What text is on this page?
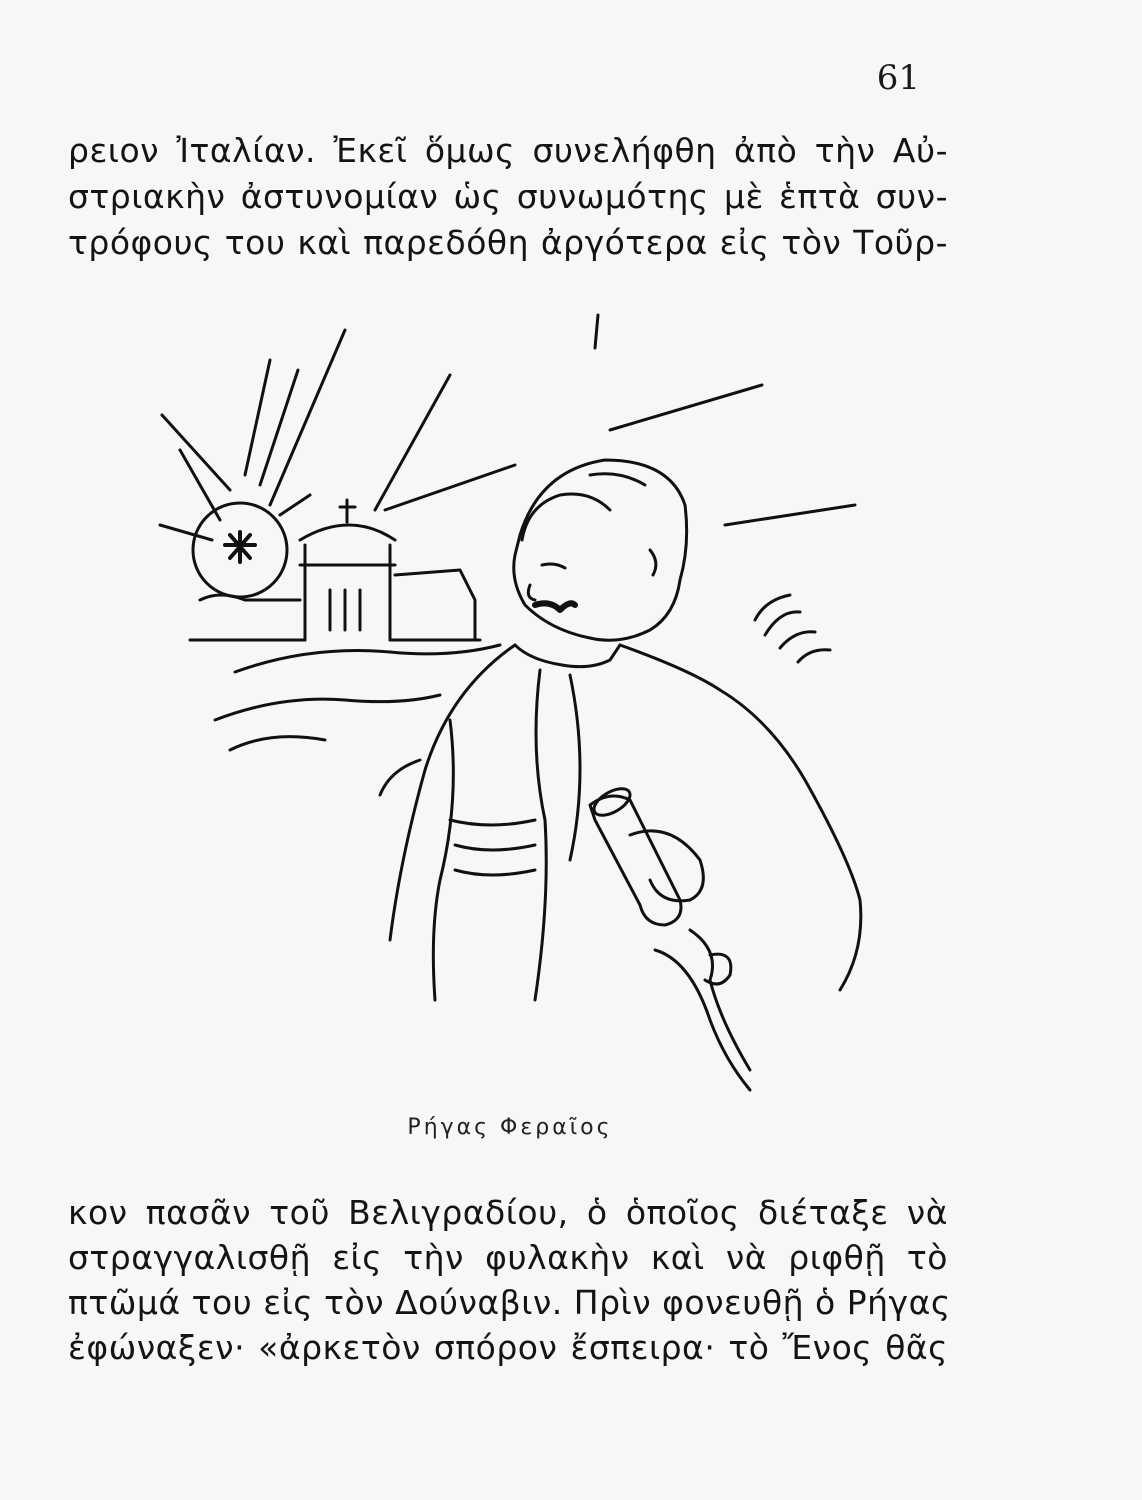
61
ρειον Ἰταλίαν. Ἐκεῖ ὅμως συνελήφθη ἀπὸ τὴν Αὐ-
στριακὴν ἀστυνομίαν ὡς συνωμότης μὲ ἑπτὰ συν-
τρόφους του καὶ παρεδόθη ἀργότερα εἰς τὸν Τοῦρ-
Ρήγας Φεραῖος
κον πασᾶν τοῦ Βελιγραδίου, ὁ ὁποῖος διέταξε νὰ
στραγγαλισθῇ εἰς τὴν φυλακὴν καὶ νὰ ριφθῇ τὸ
πτῶμά του εἰς τὸν Δούναβιν. Πρὶν φονευθῇ ὁ Ρήγας
ἐφώναξεν· «ἀρκετὸν σπόρον ἔσπειρα· τὸ Ἔνος θᾶς
